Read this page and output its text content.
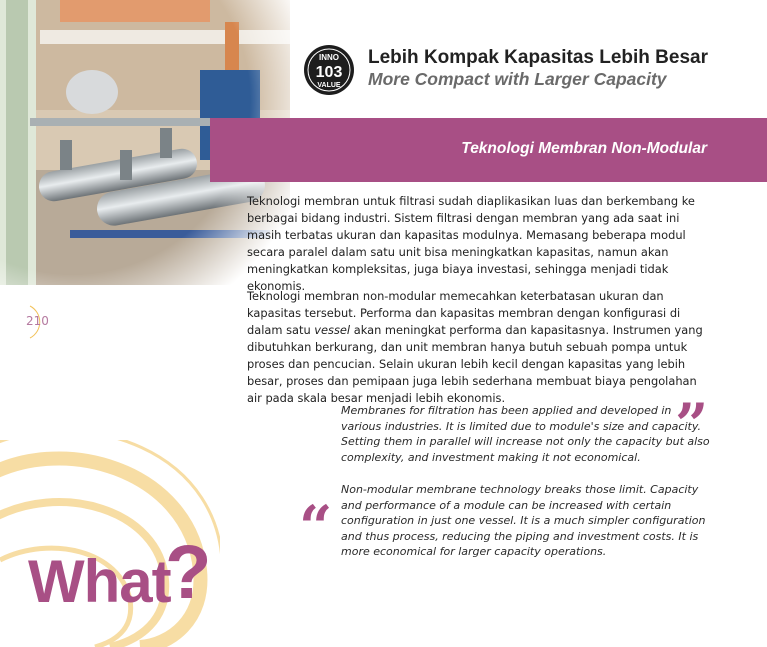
INNO
103
VALUE
Lebih Kompak Kapasitas Lebih Besar
More Compact with Larger Capacity
Teknologi Membran Non-Modular
210

Teknologi membran untuk filtrasi sudah diaplikasikan luas dan berkembang ke berbagai bidang industri. Sistem filtrasi dengan membran yang ada saat ini masih terbatas ukuran dan kapasitas modulnya. Memasang beberapa modul secara paralel dalam satu unit bisa meningkatkan kapasitas, namun akan meningkatkan kompleksitas, juga biaya investasi, sehingga menjadi tidak ekonomis.

Teknologi membran non-modular memecahkan keterbatasan ukuran dan kapasitas tersebut. Performa dan kapasitas membran dengan konfigurasi di dalam satu vessel akan meningkat performa dan kapasitasnya. Instrumen yang dibutuhkan berkurang, dan unit membran hanya butuh sebuah pompa untuk proses dan pencucian. Selain ukuran lebih kecil dengan kapasitas yang lebih besar, proses dan pemipaan juga lebih sederhana membuat biaya pengolahan air pada skala besar menjadi lebih ekonomis.

Membranes for filtration has been applied and developed in various industries. It is limited due to module's size and capacity. Setting them in parallel will increase not only the capacity but also complexity, and investment making it not economical. ”

Non-modular membrane technology breaks those limit. Capacity and performance of a module can be increased with certain configuration in just one vessel. It is a much simpler configuration and thus process, reducing the piping and investment costs. It is more economical for larger capacity operations.

“
What
?
